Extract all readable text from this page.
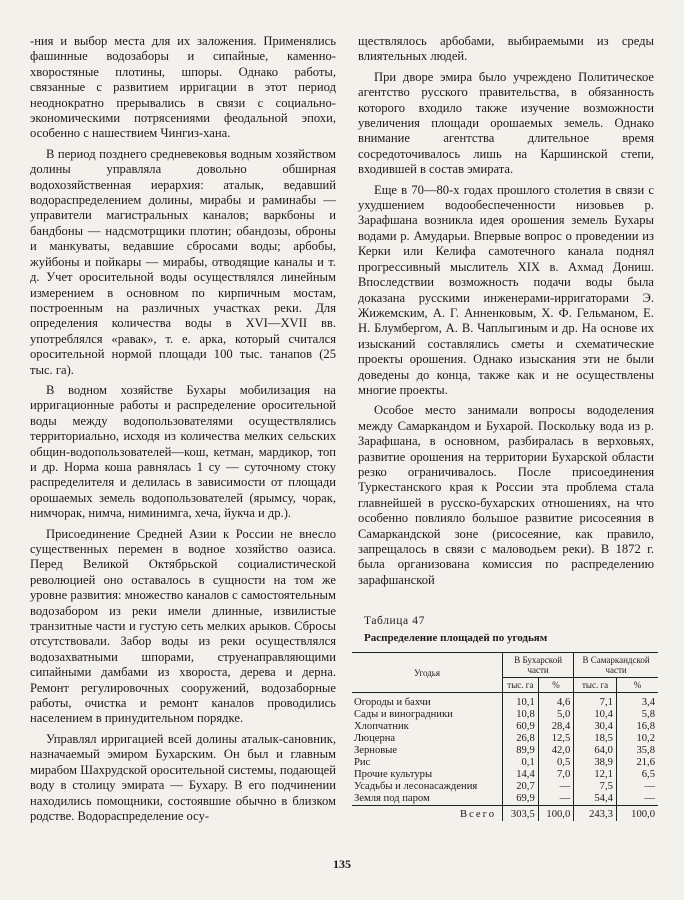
-ния и выбор места для их заложения. Применялись фашинные водозаборы и сипайные, каменно-хворостяные плотины, шпоры. Однако работы, связанные с развитием ирригации в этот период неоднократно прерывались в связи с социально-экономическими потрясениями феодальной эпохи, особенно с нашествием Чингиз-хана.

В период позднего средневековья водным хозяйством долины управляла довольно обширная водохозяйственная иерархия: аталык, ведавший водораспределением долины, мирабы и раминабы — управители магистральных каналов; варкбоны и бандбоны — надсмотрщики плотин; обандозы, оброны и манкуваты, ведавшие сбросами воды; арбобы, жуйбоны и пойкары — мирабы, отводящие каналы и т. д. Учет оросительной воды осуществлялся линейным измерением в основном по кирпичным мостам, построенным на различных участках реки. Для определения количества воды в XVI—XVII вв. употреблялся «равак», т. е. арка, который считался оросительной нормой площади 100 тыс. танапов (25 тыс. га).

В водном хозяйстве Бухары мобилизация на ирригационные работы и распределение оросительной воды между водопользователями осуществлялись территориально, исходя из количества мелких сельских общин-водопользователей—кош, кетман, мардикор, топ и др. Норма коша равнялась 1 су — суточному стоку распределителя и делилась в зависимости от площади орошаемых земель водопользователей (ярымсу, чорак, нимчорак, нимча, ниминимга, хеча, йукча и др.).

Присоединение Средней Азии к России не внесло существенных перемен в водное хозяйство оазиса. Перед Великой Октябрьской социалистической революцией оно оставалось в сущности на том же уровне развития: множество каналов с самостоятельным водозабором из реки имели длинные, извилистые транзитные части и густую сеть мелких арыков. Сбросы отсутствовали. Забор воды из реки осуществлялся водозахватными шпорами, струенаправляющими сипайными дамбами из хвороста, дерева и дерна. Ремонт регулировочных сооружений, водозаборные работы, очистка и ремонт каналов проводились населением в принудительном порядке.

Управлял ирригацией всей долины аталык-сановник, назначаемый эмиром Бухарским. Он был и главным мирабом Шахрудской оросительной системы, подающей воду в столицу эмирата — Бухару. В его подчинении находились помощники, состоявшие обычно в близком родстве. Водораспределение осу-

ществлялось арбобами, выбираемыми из среды влиятельных людей.

При дворе эмира было учреждено Политическое агентство русского правительства, в обязанность которого входило также изучение возможности увеличения площади орошаемых земель. Однако внимание агентства длительное время сосредоточивалось лишь на Каршинской степи, входившей в состав эмирата.

Еще в 70—80-х годах прошлого столетия в связи с ухудшением водообеспеченности низовьев р. Зарафшана возникла идея орошения земель Бухары водами р. Амударьи. Впервые вопрос о проведении из Керки или Келифа самотечного канала поднял прогрессивный мыслитель XIX в. Ахмад Дониш. Впоследствии возможность подачи воды была доказана русскими инженерами-ирригаторами Э. Жижемским, А. Г. Анненковым, Х. Ф. Гельманом, Е. Н. Блумбергом, А. В. Чаплыгиным и др. На основе их изысканий составлялись сметы и схематические проекты орошения. Однако изыскания эти не были доведены до конца, также как и не осуществлены многие проекты.

Особое место занимали вопросы вододеления между Самаркандом и Бухарой. Поскольку вода из р. Зарафшана, в основном, разбиралась в верховьях, развитие орошения на территории Бухарской области резко ограничивалось. После присоединения Туркестанского края к России эта проблема стала главнейшей в русско-бухарских отношениях, на что особенно повлияло большое развитие рисосеяния в Самаркандской зоне (рисосеяние, как правило, запрещалось в связи с маловодьем реки). В 1872 г. была организована комиссия по распределению зарафшанской

Таблица 47
Распределение площадей по угодьям
Угодья	В Бухарской части		В Самаркандской части	
	тыс. га	%	тыс. га	%
Огороды и бахчи	10,1	4,6	7,1	3,4
Сады и виноградники	10,8	5,0	10,4	5,8
Хлопчатник	60,9	28,4	30,4	16,8
Люцерна	26,8	12,5	18,5	10,2
Зерновые	89,9	42,0	64,0	35,8
Рис	0,1	0,5	38,9	21,6
Прочие культуры	14,4	7,0	12,1	6,5
Усадьбы и лесонасаждения	20,7	—	7,5	—
Земля под паром	69,9	—	54,4	—
Всего	303,5	100,0	243,3	100,0
135
